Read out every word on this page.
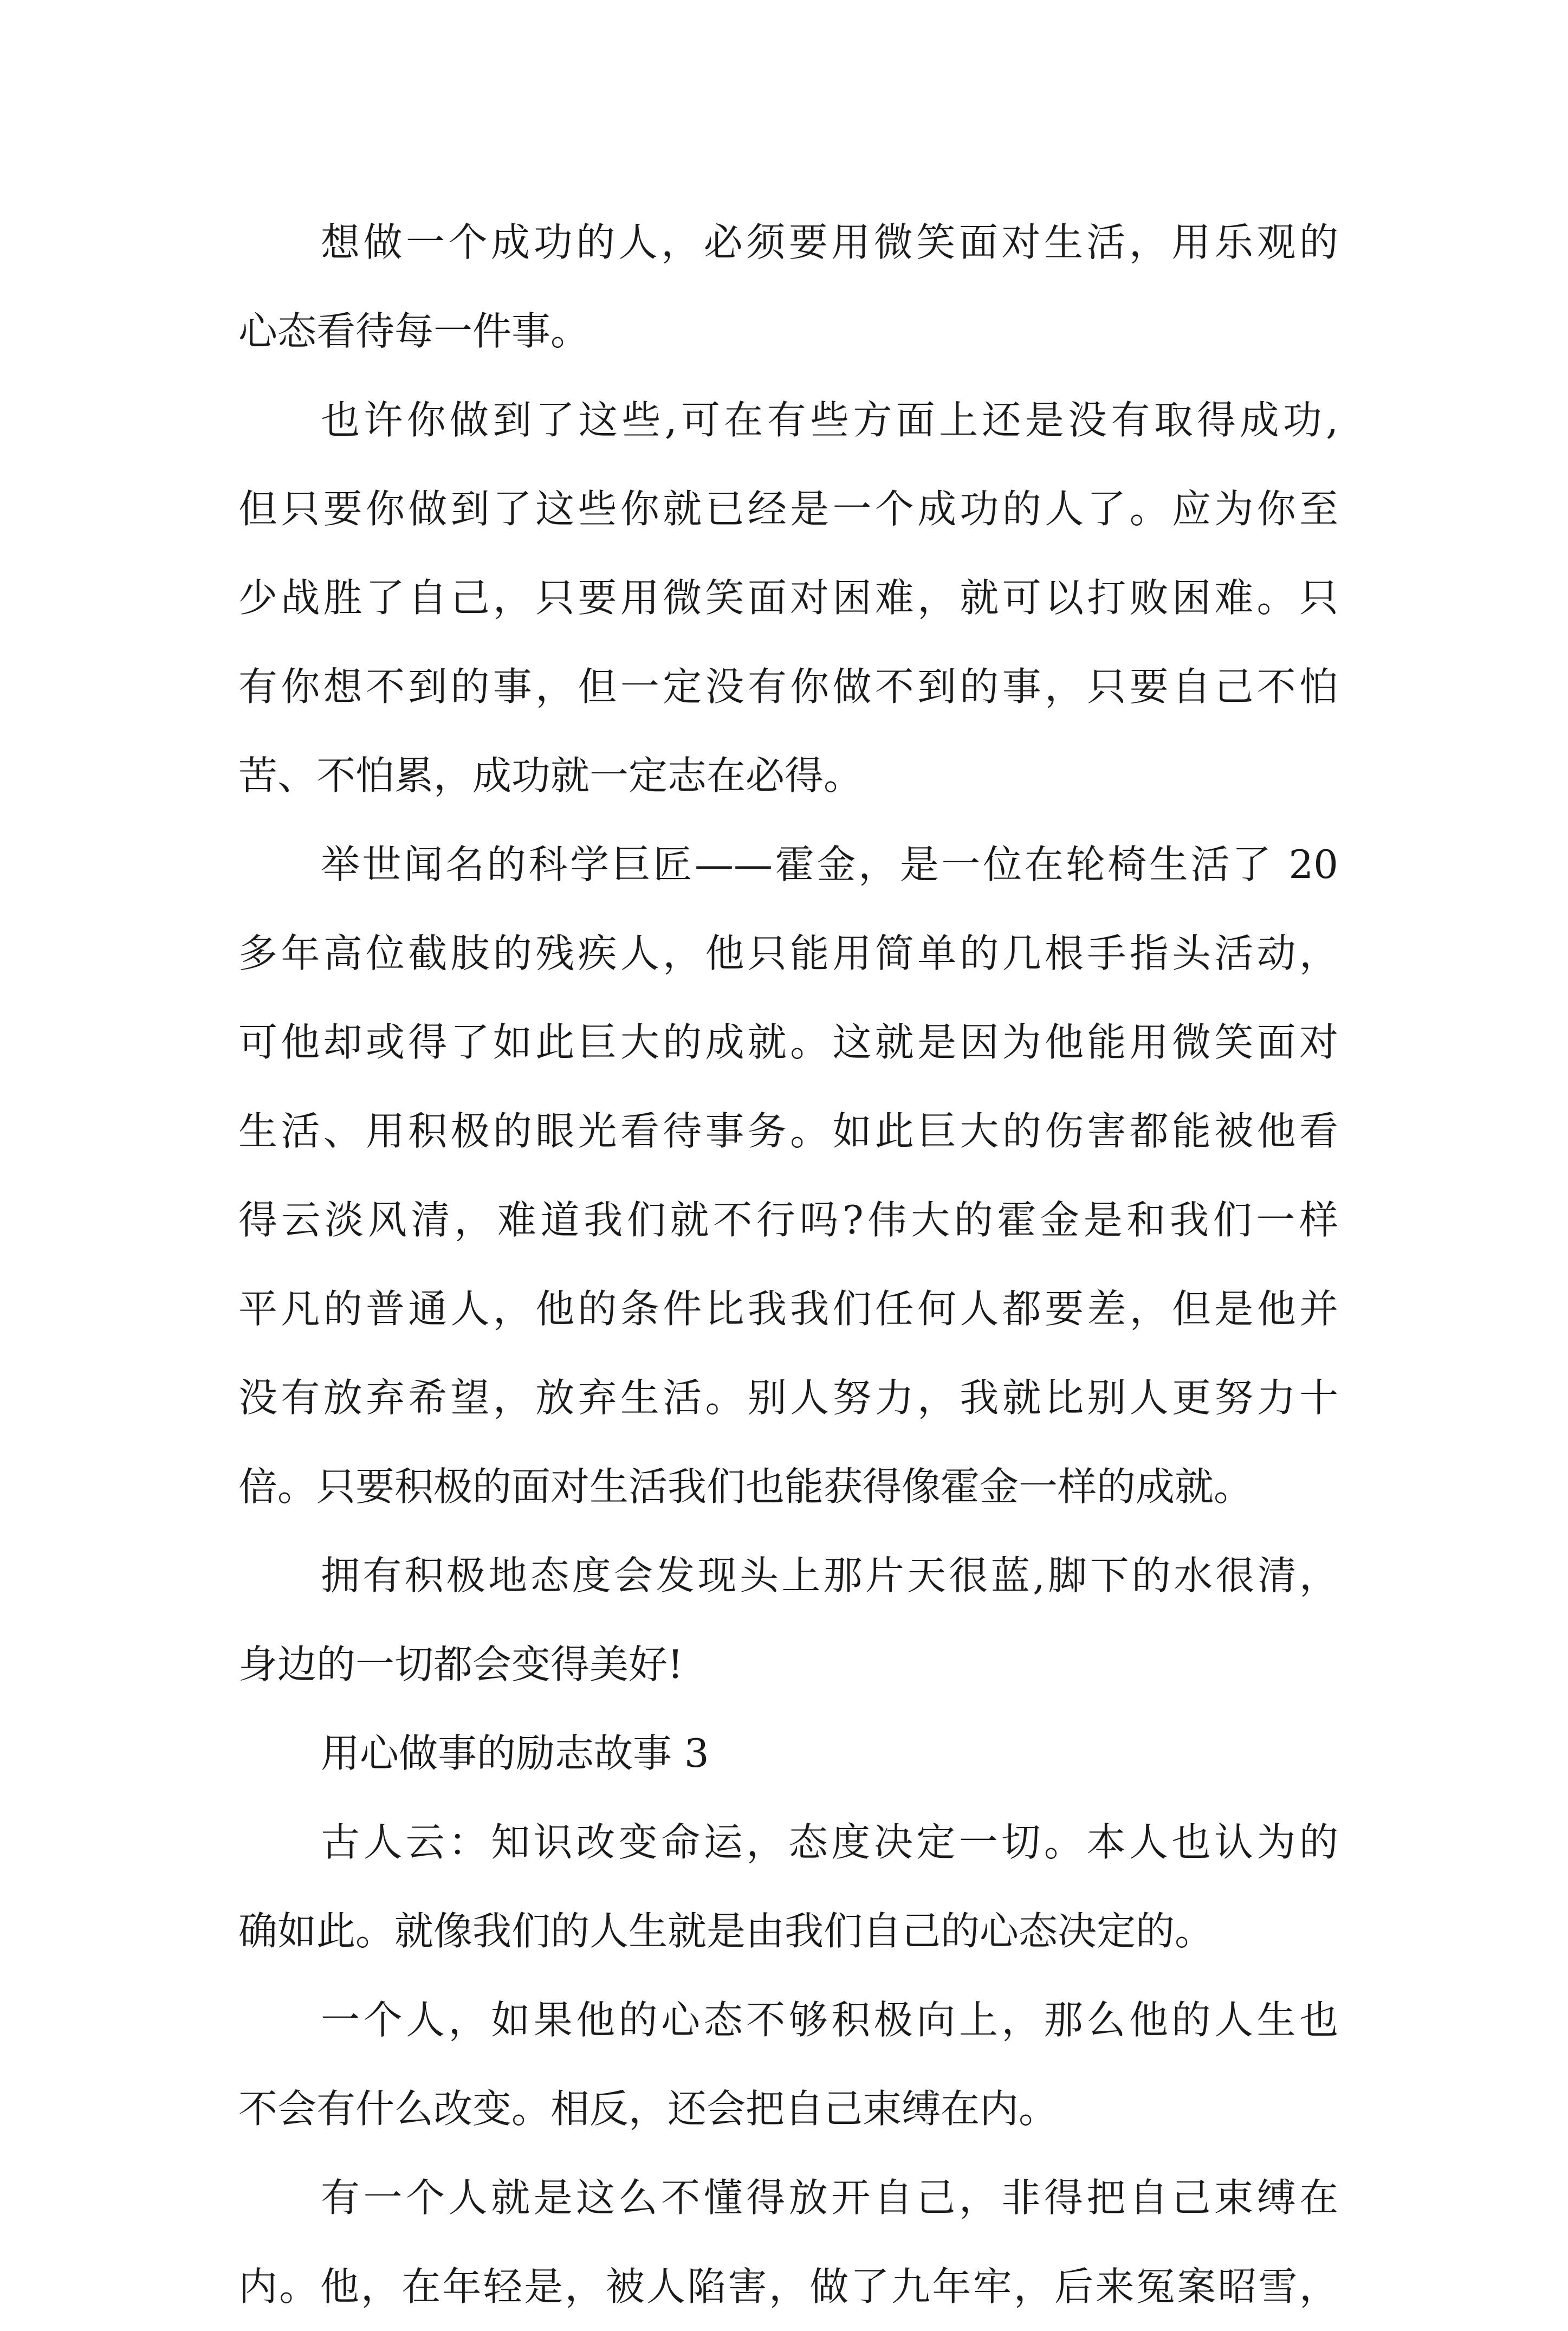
想做一个成功的人，必须要用微笑面对生活，用乐观的
心态看待每一件事。
也许你做到了这些,可在有些方面上还是没有取得成功,
但只要你做到了这些你就已经是一个成功的人了。应为你至
少战胜了自己，只要用微笑面对困难，就可以打败困难。只
有你想不到的事，但一定没有你做不到的事，只要自己不怕
苦、不怕累，成功就一定志在必得。
举世闻名的科学巨匠——霍金，是一位在轮椅生活了 20
多年高位截肢的残疾人，他只能用简单的几根手指头活动，
可他却或得了如此巨大的成就。这就是因为他能用微笑面对
生活、用积极的眼光看待事务。如此巨大的伤害都能被他看
得云淡风清，难道我们就不行吗?伟大的霍金是和我们一样
平凡的普通人，他的条件比我我们任何人都要差，但是他并
没有放弃希望，放弃生活。别人努力，我就比别人更努力十
倍。只要积极的面对生活我们也能获得像霍金一样的成就。
拥有积极地态度会发现头上那片天很蓝,脚下的水很清，
身边的一切都会变得美好!
用心做事的励志故事 3
古人云：知识改变命运，态度决定一切。本人也认为的
确如此。就像我们的人生就是由我们自己的心态决定的。
一个人，如果他的心态不够积极向上，那么他的人生也
不会有什么改变。相反，还会把自己束缚在内。
有一个人就是这么不懂得放开自己，非得把自己束缚在
内。他，在年轻是，被人陷害，做了九年牢，后来冤案昭雪，
